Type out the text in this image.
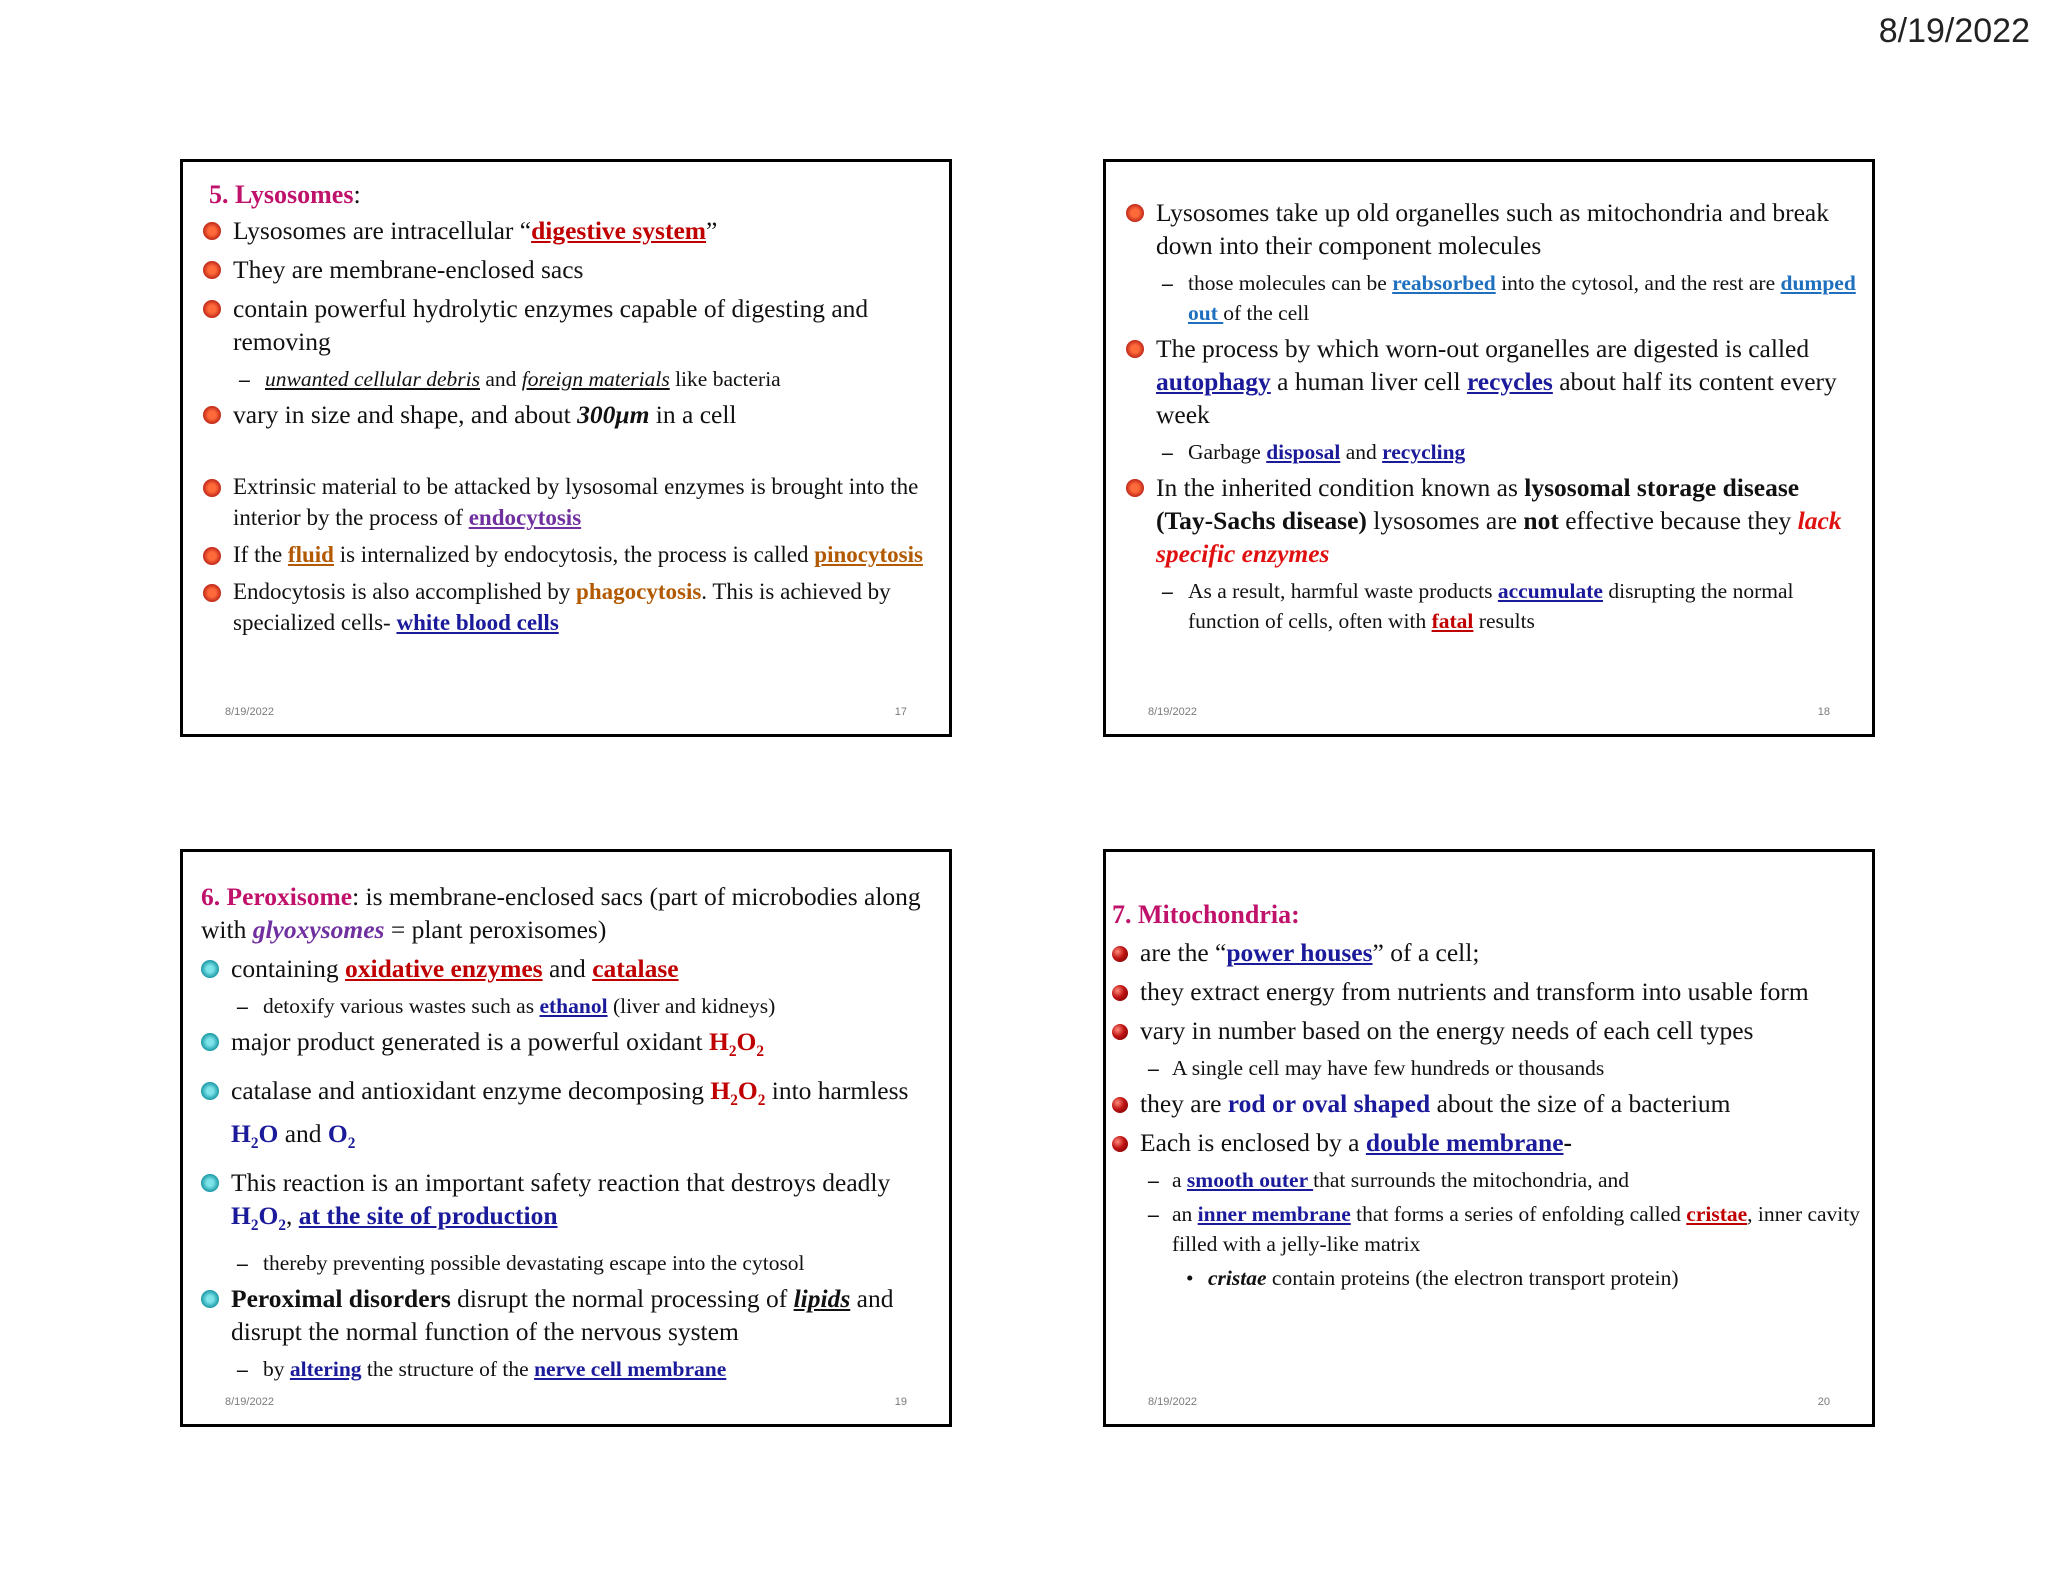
8/19/2022
5. Lysosomes:
Lysosomes are intracellular “digestive system”
They are membrane-enclosed sacs
contain powerful hydrolytic enzymes capable of digesting and removing
– unwanted cellular debris and foreign materials like bacteria
vary in size and shape, and about 300μm in a cell
Extrinsic material to be attacked by lysosomal enzymes is brought into the interior by the process of endocytosis
If the fluid is internalized by endocytosis, the process is called pinocytosis
Endocytosis is also accomplished by phagocytosis. This is achieved by specialized cells- white blood cells
8/19/2022	17
Lysosomes take up old organelles such as mitochondria and break down into their component molecules
– those molecules can be reabsorbed into the cytosol, and the rest are dumped out of the cell
The process by which worn-out organelles are digested is called autophagy a human liver cell recycles about half its content every week
– Garbage disposal and recycling
In the inherited condition known as lysosomal storage disease (Tay-Sachs disease) lysosomes are not effective because they lack specific enzymes
– As a result, harmful waste products accumulate disrupting the normal function of cells, often with fatal results
8/19/2022	18
6. Peroxisome: is membrane-enclosed sacs (part of microbodies along with glyoxysomes = plant peroxisomes)
containing oxidative enzymes and catalase
– detoxify various wastes such as ethanol (liver and kidneys)
major product generated is a powerful oxidant $H_2O_2$
catalase and antioxidant enzyme decomposing $H_2O_2$ into harmless $H_2O$ and $O_2$
This reaction is an important safety reaction that destroys deadly $H_2O_2$, at the site of production
– thereby preventing possible devastating escape into the cytosol
Peroximal disorders disrupt the normal processing of lipids and disrupt the normal function of the nervous system
– by altering the structure of the nerve cell membrane
8/19/2022	19
7. Mitochondria:
are the “power houses” of a cell;
they extract energy from nutrients and transform into usable form
vary in number based on the energy needs of each cell types
– A single cell may have few hundreds or thousands
they are rod or oval shaped about the size of a bacterium
Each is enclosed by a double membrane-
– a smooth outer that surrounds the mitochondria, and
– an inner membrane that forms a series of enfolding called cristae, inner cavity filled with a jelly-like matrix
• cristae contain proteins (the electron transport protein)
8/19/2022	20
